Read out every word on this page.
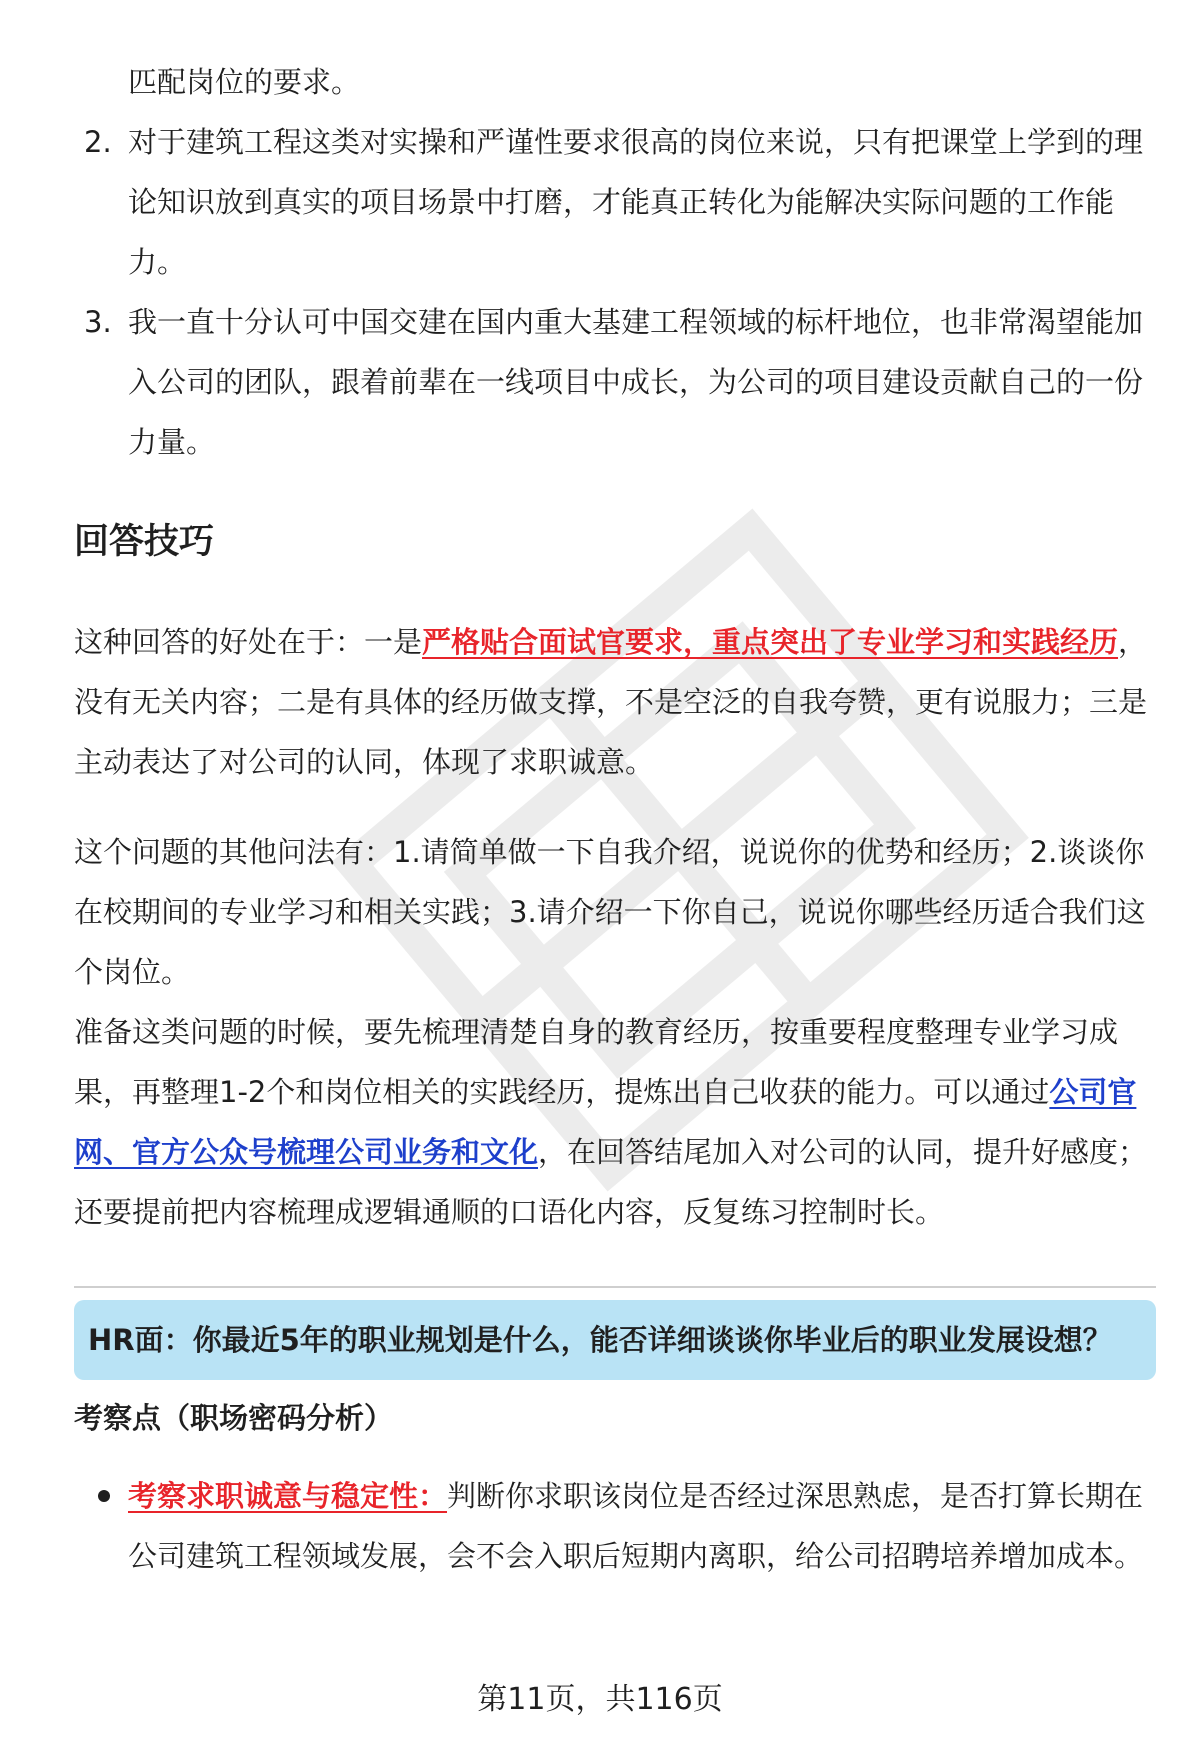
匹配岗位的要求。
2. 对于建筑工程这类对实操和严谨性要求很高的岗位来说，只有把课堂上学到的理论知识放到真实的项目场景中打磨，才能真正转化为能解决实际问题的工作能力。
3. 我一直十分认可中国交建在国内重大基建工程领域的标杆地位，也非常渴望能加入公司的团队，跟着前辈在一线项目中成长，为公司的项目建设贡献自己的一份力量。
回答技巧
这种回答的好处在于：一是严格贴合面试官要求，重点突出了专业学习和实践经历，没有无关内容；二是有具体的经历做支撑，不是空泛的自我夸赞，更有说服力；三是主动表达了对公司的认同，体现了求职诚意。
这个问题的其他问法有：1.请简单做一下自我介绍，说说你的优势和经历；2.谈谈你在校期间的专业学习和相关实践；3.请介绍一下你自己，说说你哪些经历适合我们这个岗位。
准备这类问题的时候，要先梳理清楚自身的教育经历，按重要程度整理专业学习成果，再整理1-2个和岗位相关的实践经历，提炼出自己收获的能力。可以通过公司官网、官方公众号梳理公司业务和文化，在回答结尾加入对公司的认同，提升好感度；还要提前把内容梳理成逻辑通顺的口语化内容，反复练习控制时长。
HR面：你最近5年的职业规划是什么，能否详细谈谈你毕业后的职业发展设想？
考察点（职场密码分析）
考察求职诚意与稳定性：判断你求职该岗位是否经过深思熟虑，是否打算长期在公司建筑工程领域发展，会不会入职后短期内离职，给公司招聘培养增加成本。
第11页，共116页
